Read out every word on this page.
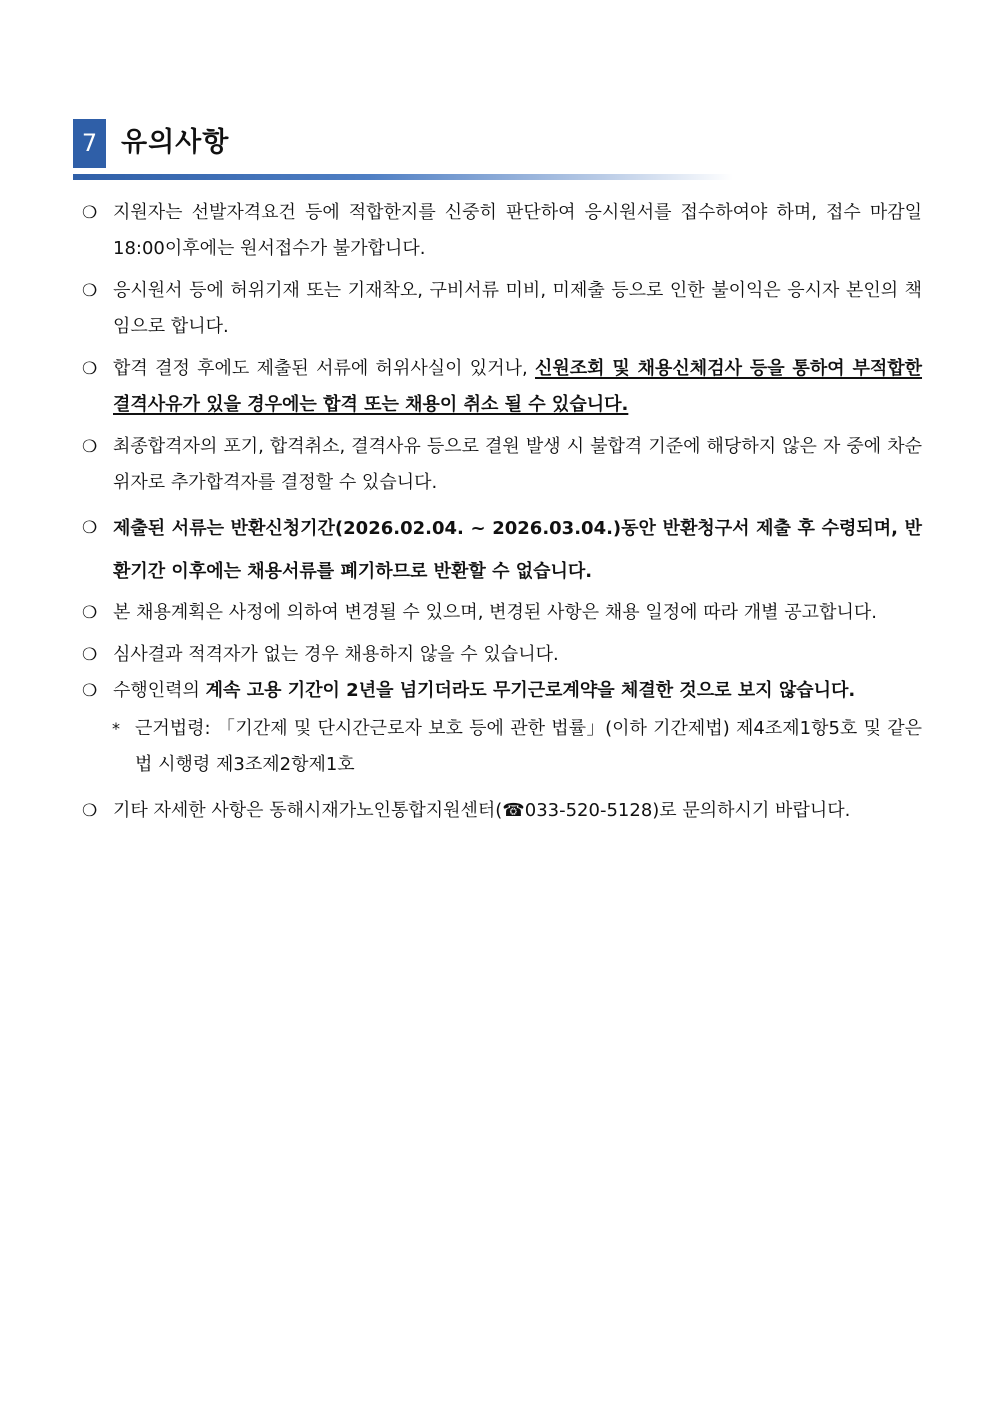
7 유의사항
❍ 지원자는 선발자격요건 등에 적합한지를 신중히 판단하여 응시원서를 접수하여야 하며, 접수 마감일 18:00이후에는 원서접수가 불가합니다.
❍ 응시원서 등에 허위기재 또는 기재착오, 구비서류 미비, 미제출 등으로 인한 불이익은 응시자 본인의 책임으로 합니다.
❍ 합격 결정 후에도 제출된 서류에 허위사실이 있거나, 신원조회 및 채용신체검사 등을 통하여 부적합한 결격사유가 있을 경우에는 합격 또는 채용이 취소 될 수 있습니다.
❍ 최종합격자의 포기, 합격취소, 결격사유 등으로 결원 발생 시 불합격 기준에 해당하지 않은 자 중에 차순위자로 추가합격자를 결정할 수 있습니다.
❍ 제출된 서류는 반환신청기간(2026.02.04. ~ 2026.03.04.)동안 반환청구서 제출 후 수령되며, 반환기간 이후에는 채용서류를 폐기하므로 반환할 수 없습니다.
❍ 본 채용계획은 사정에 의하여 변경될 수 있으며, 변경된 사항은 채용 일정에 따라 개별 공고합니다.
❍ 심사결과 적격자가 없는 경우 채용하지 않을 수 있습니다.
❍ 수행인력의 계속 고용 기간이 2년을 넘기더라도 무기근로계약을 체결한 것으로 보지 않습니다.
* 근거법령: 「기간제 및 단시간근로자 보호 등에 관한 법률」(이하 기간제법) 제4조제1항5호 및 같은 법 시행령 제3조제2항제1호
❍ 기타 자세한 사항은 동해시재가노인통합지원센터(☎033-520-5128)로 문의하시기 바랍니다.
